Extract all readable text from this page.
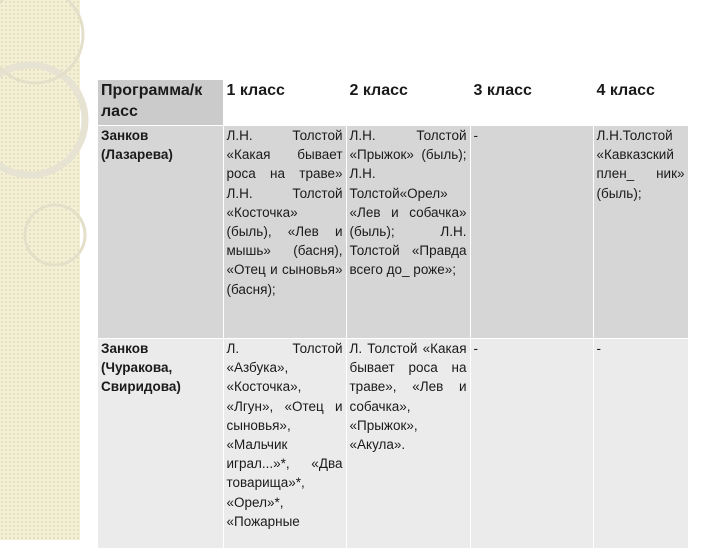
Программа/к ласс	1 класс	2 класс	3 класс	4 класс
Занков (Лазарева)	Л.Н. Толстой «Какая бывает роса на траве» Л.Н. Толстой «Косточка» (быль), «Лев и мышь» (басня), «Отец и сыновья» (басня);	Л.Н. Толстой «Прыжок» (быль); Л.Н. Толстой«Орел» «Лев и собачка» (быль); Л.Н. Толстой «Правда всего до_ роже»;	-	Л.Н.Толстой «Кавказский плен_ ник» (быль);
Занков (Чуракова, Свиридова)	Л. Толстой «Азбука», «Косточка», «Лгун», «Отец и сыновья», «Мальчик играл...»*, «Два товарища»*, «Орел»*, «Пожарные	Л. Толстой «Какая бывает роса на траве», «Лев и собачка», «Прыжок», «Акула».	-	-
